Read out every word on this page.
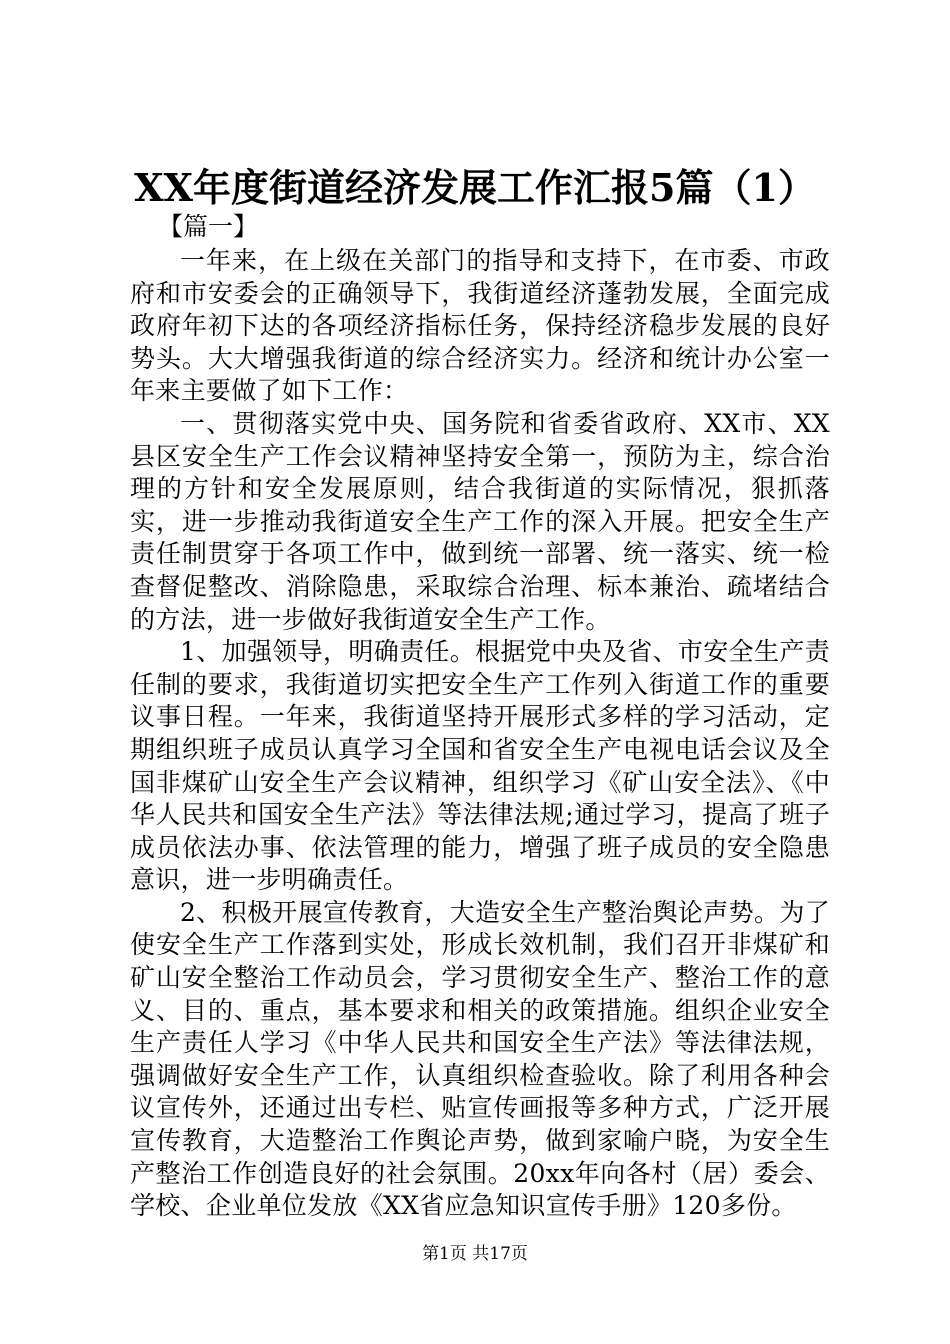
XX年度街道经济发展工作汇报5篇（1）
【篇一】

一年来，在上级在关部门的指导和支持下，在市委、市政府和市安委会的正确领导下，我街道经济蓬勃发展，全面完成政府年初下达的各项经济指标任务，保持经济稳步发展的良好势头。大大增强我街道的综合经济实力。经济和统计办公室一年来主要做了如下工作：

一、贯彻落实党中央、国务院和省委省政府、XX市、XX县区安全生产工作会议精神坚持安全第一，预防为主，综合治理的方针和安全发展原则，结合我街道的实际情况，狠抓落实，进一步推动我街道安全生产工作的深入开展。把安全生产责任制贯穿于各项工作中，做到统一部署、统一落实、统一检查督促整改、消除隐患，采取综合治理、标本兼治、疏堵结合的方法，进一步做好我街道安全生产工作。

1、加强领导，明确责任。根据党中央及省、市安全生产责任制的要求，我街道切实把安全生产工作列入街道工作的重要议事日程。一年来，我街道坚持开展形式多样的学习活动，定期组织班子成员认真学习全国和省安全生产电视电话会议及全国非煤矿山安全生产会议精神，组织学习《矿山安全法》、《中华人民共和国安全生产法》等法律法规;通过学习，提高了班子成员依法办事、依法管理的能力，增强了班子成员的安全隐患意识，进一步明确责任。

2、积极开展宣传教育，大造安全生产整治舆论声势。为了使安全生产工作落到实处，形成长效机制，我们召开非煤矿和矿山安全整治工作动员会，学习贯彻安全生产、整治工作的意义、目的、重点，基本要求和相关的政策措施。组织企业安全生产责任人学习《中华人民共和国安全生产法》等法律法规，强调做好安全生产工作，认真组织检查验收。除了利用各种会议宣传外，还通过出专栏、贴宣传画报等多种方式，广泛开展宣传教育，大造整治工作舆论声势，做到家喻户晓，为安全生产整治工作创造良好的社会氛围。20xx年向各村（居）委会、学校、企业单位发放《XX省应急知识宣传手册》120多份。

第1页 共17页
